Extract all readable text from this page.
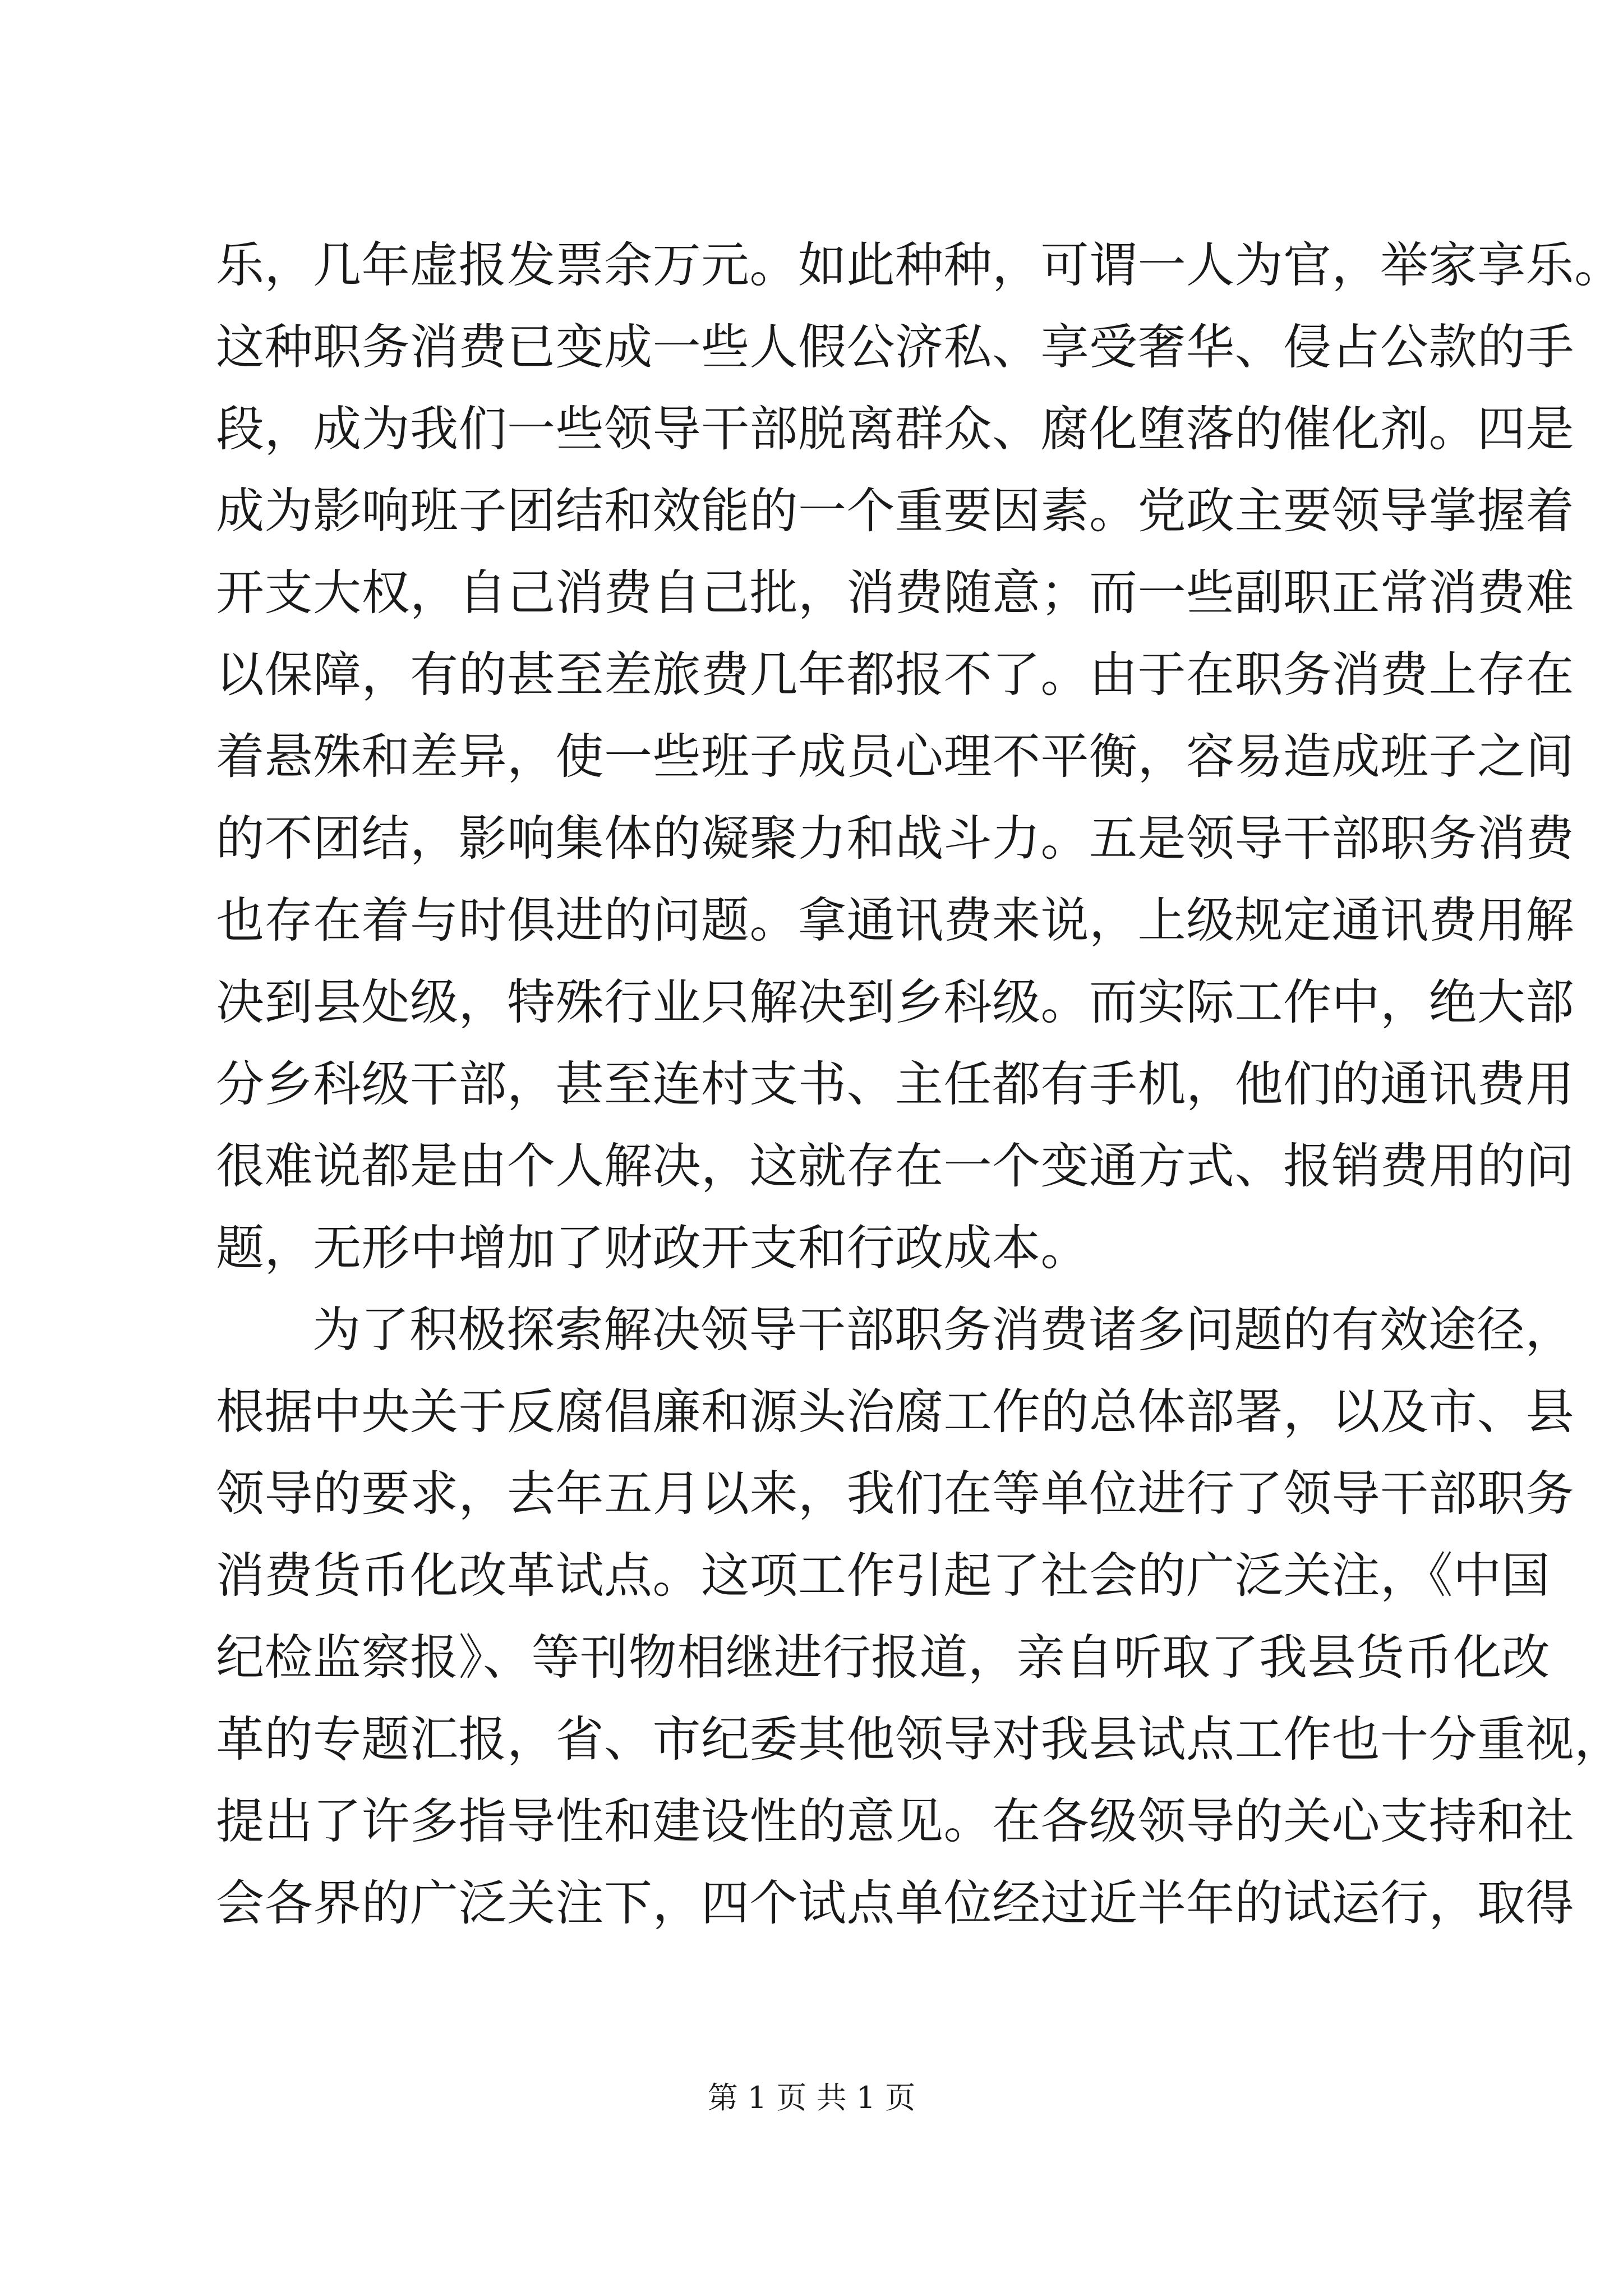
乐，几年虚报发票余万元。如此种种，可谓一人为官，举家享乐。
这种职务消费已变成一些人假公济私、享受奢华、侵占公款的手
段，成为我们一些领导干部脱离群众、腐化堕落的催化剂。四是
成为影响班子团结和效能的一个重要因素。党政主要领导掌握着
开支大权，自己消费自己批，消费随意；而一些副职正常消费难
以保障，有的甚至差旅费几年都报不了。由于在职务消费上存在
着悬殊和差异，使一些班子成员心理不平衡，容易造成班子之间
的不团结，影响集体的凝聚力和战斗力。五是领导干部职务消费
也存在着与时俱进的问题。拿通讯费来说，上级规定通讯费用解
决到县处级，特殊行业只解决到乡科级。而实际工作中，绝大部
分乡科级干部，甚至连村支书、主任都有手机，他们的通讯费用
很难说都是由个人解决，这就存在一个变通方式、报销费用的问
题，无形中增加了财政开支和行政成本。
为了积极探索解决领导干部职务消费诸多问题的有效途径，
根据中央关于反腐倡廉和源头治腐工作的总体部署，以及市、县
领导的要求，去年五月以来，我们在等单位进行了领导干部职务
消费货币化改革试点。这项工作引起了社会的广泛关注，《中国
纪检监察报》、等刊物相继进行报道，亲自听取了我县货币化改
革的专题汇报，省、市纪委其他领导对我县试点工作也十分重视，
提出了许多指导性和建设性的意见。在各级领导的关心支持和社
会各界的广泛关注下，四个试点单位经过近半年的试运行，取得
第 1 页 共 1 页
